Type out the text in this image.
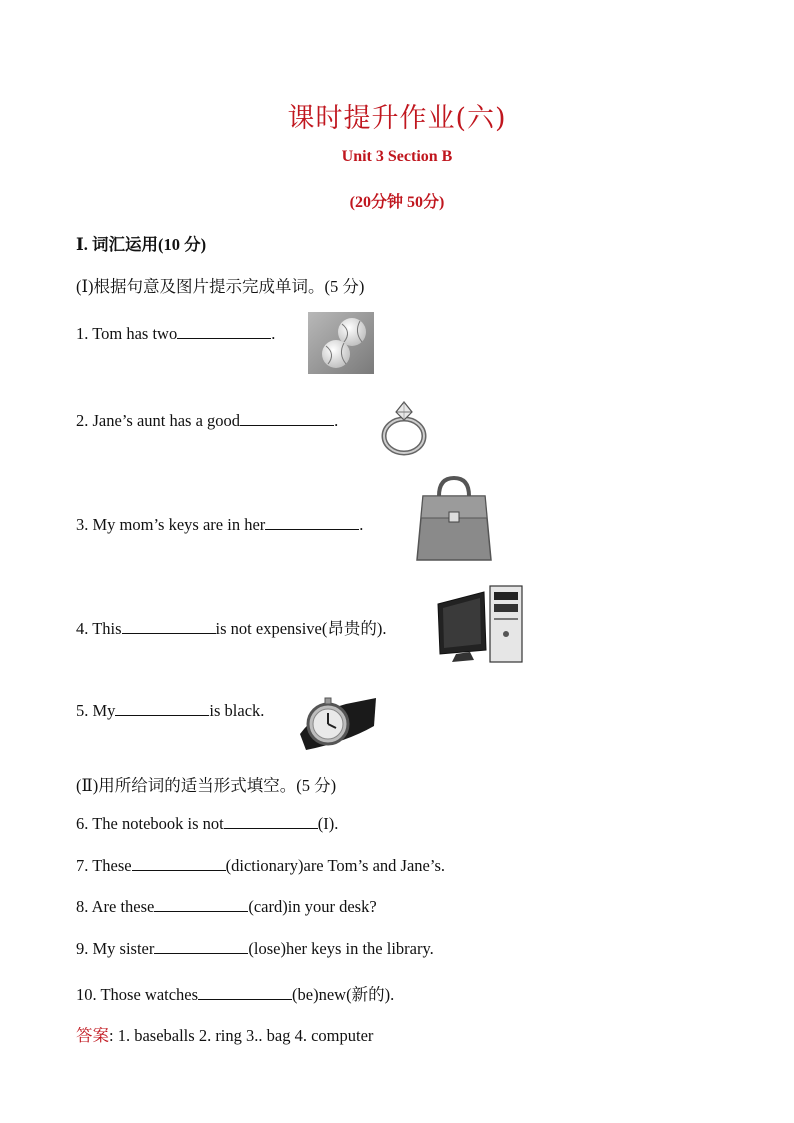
课时提升作业(六)
Unit 3 Section B
(20分钟 50分)
Ⅰ. 词汇运用(10 分)
(Ⅰ)根据句意及图片提示完成单词。(5 分)
1. Tom has two	.
2. Jane’s aunt has a good	.
3. My mom’s keys are in her	.
4. This	is not expensive(昂贵的).
5. My	is black.
(Ⅱ)用所给词的适当形式填空。(5 分)
6. The notebook is not	(I).
7. These	(dictionary)are Tom’s and Jane’s.
8. Are these	(card)in your desk?
9. My sister	(lose)her keys in the library.
10. Those watches	(be)new(新的).
答案: 1. baseballs 2. ring 3.. bag 4. computer
